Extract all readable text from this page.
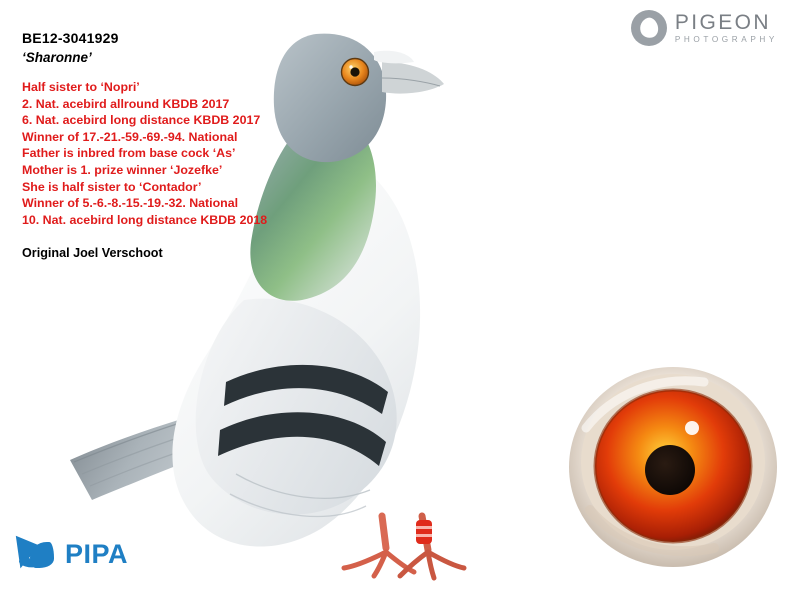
BE12-3041929
‘Sharonne’
Half sister to ‘Nopri’
2. Nat. acebird allround KBDB 2017
6. Nat. acebird long distance KBDB 2017
Winner of 17.-21.-59.-69.-94. National
Father is inbred from base cock ‘As’
Mother is 1. prize winner ‘Jozefke’
She is half sister to ‘Contador’
Winner of 5.-6.-8.-15.-19.-32. National
10. Nat. acebird long distance KBDB 2018
Original Joel Verschoot
PIGEON
PHOTOGRAPHY
PIPA
